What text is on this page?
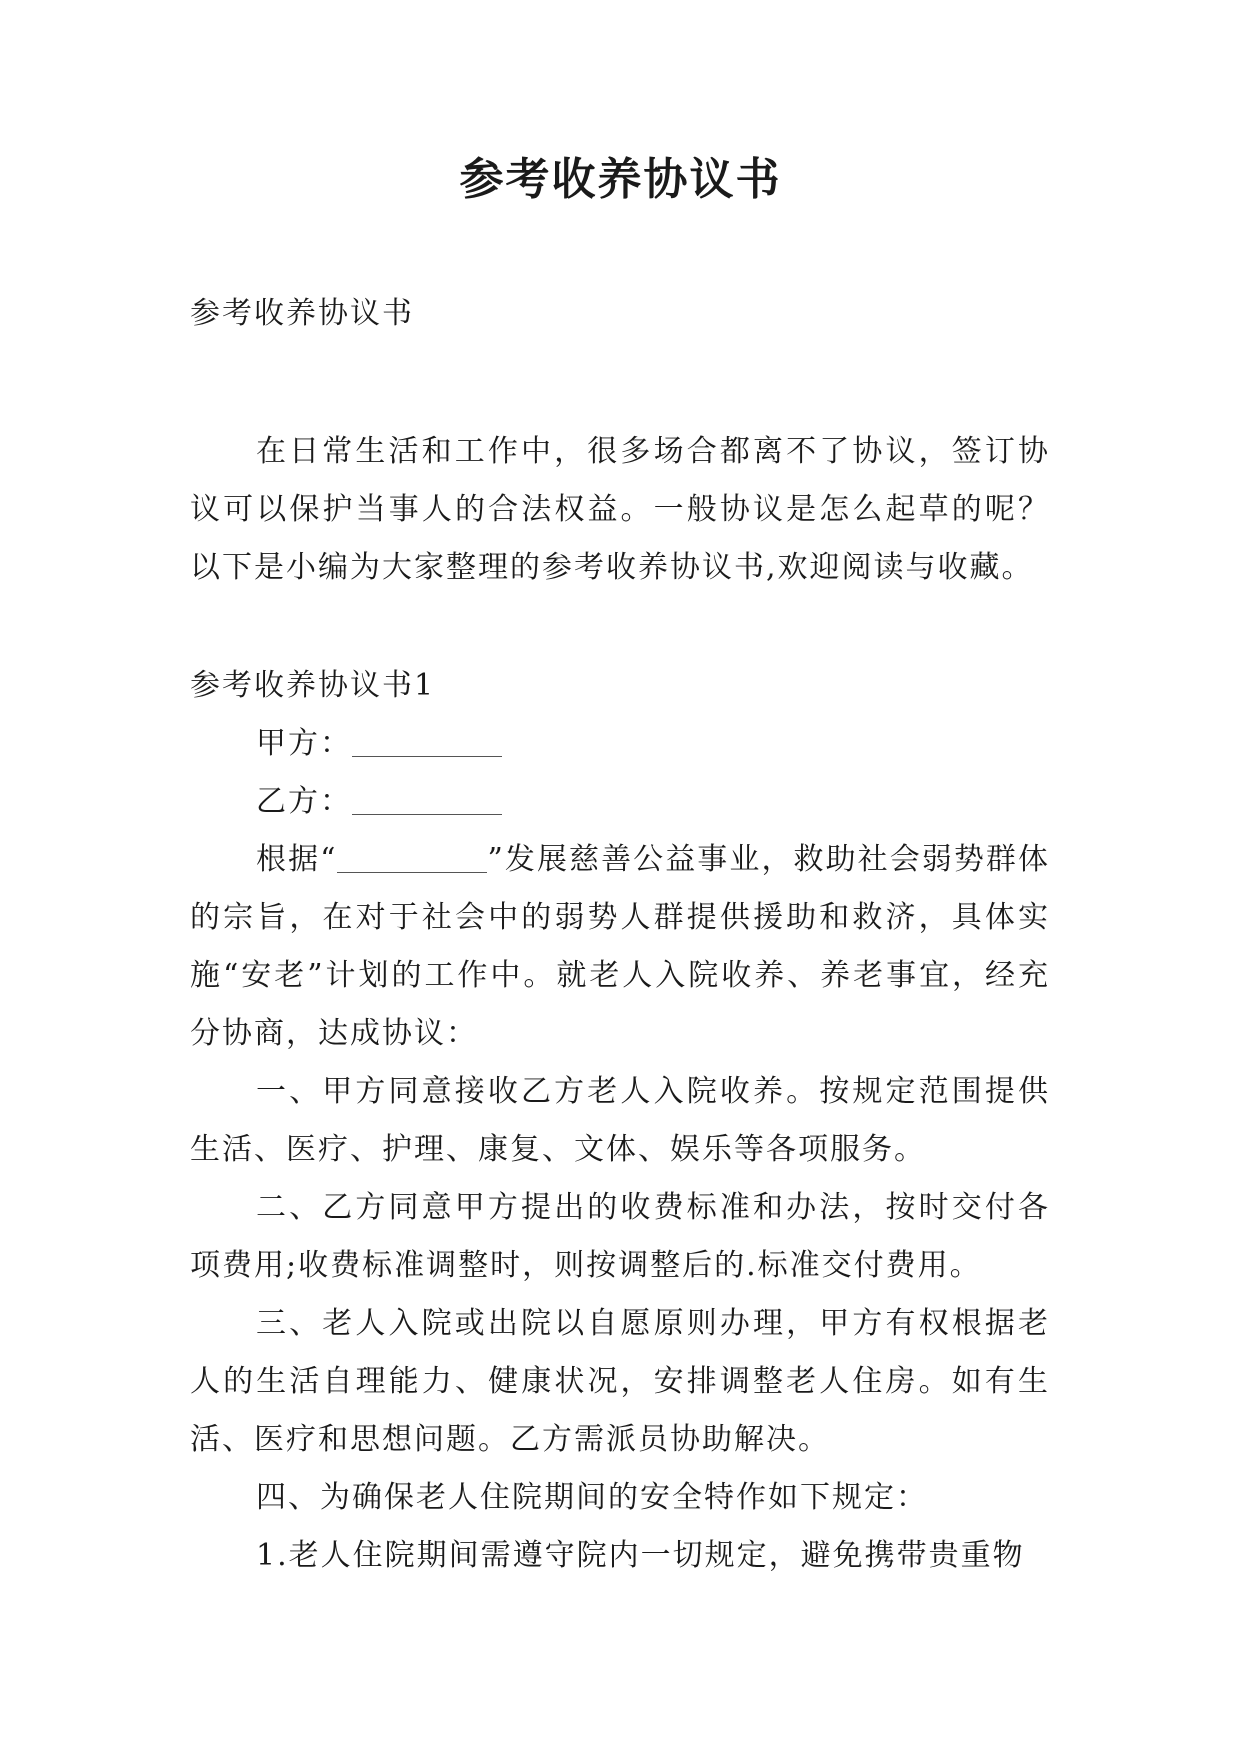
参考收养协议书

参考收养协议书

在日常生活和工作中，很多场合都离不了协议，签订协议可以保护当事人的合法权益。一般协议是怎么起草的呢？以下是小编为大家整理的参考收养协议书,欢迎阅读与收藏。

参考收养协议书1

甲方：

乙方：

根据“	”发展慈善公益事业，救助社会弱势群体的宗旨，在对于社会中的弱势人群提供援助和救济，具体实施“安老”计划的工作中。就老人入院收养、养老事宜，经充分协商，达成协议：

一、甲方同意接收乙方老人入院收养。按规定范围提供生活、医疗、护理、康复、文体、娱乐等各项服务。

二、乙方同意甲方提出的收费标准和办法，按时交付各项费用;收费标准调整时，则按调整后的.标准交付费用。

三、老人入院或出院以自愿原则办理，甲方有权根据老人的生活自理能力、健康状况，安排调整老人住房。如有生活、医疗和思想问题。乙方需派员协助解决。

四、为确保老人住院期间的安全特作如下规定：

1.老人住院期间需遵守院内一切规定，避免携带贵重物
